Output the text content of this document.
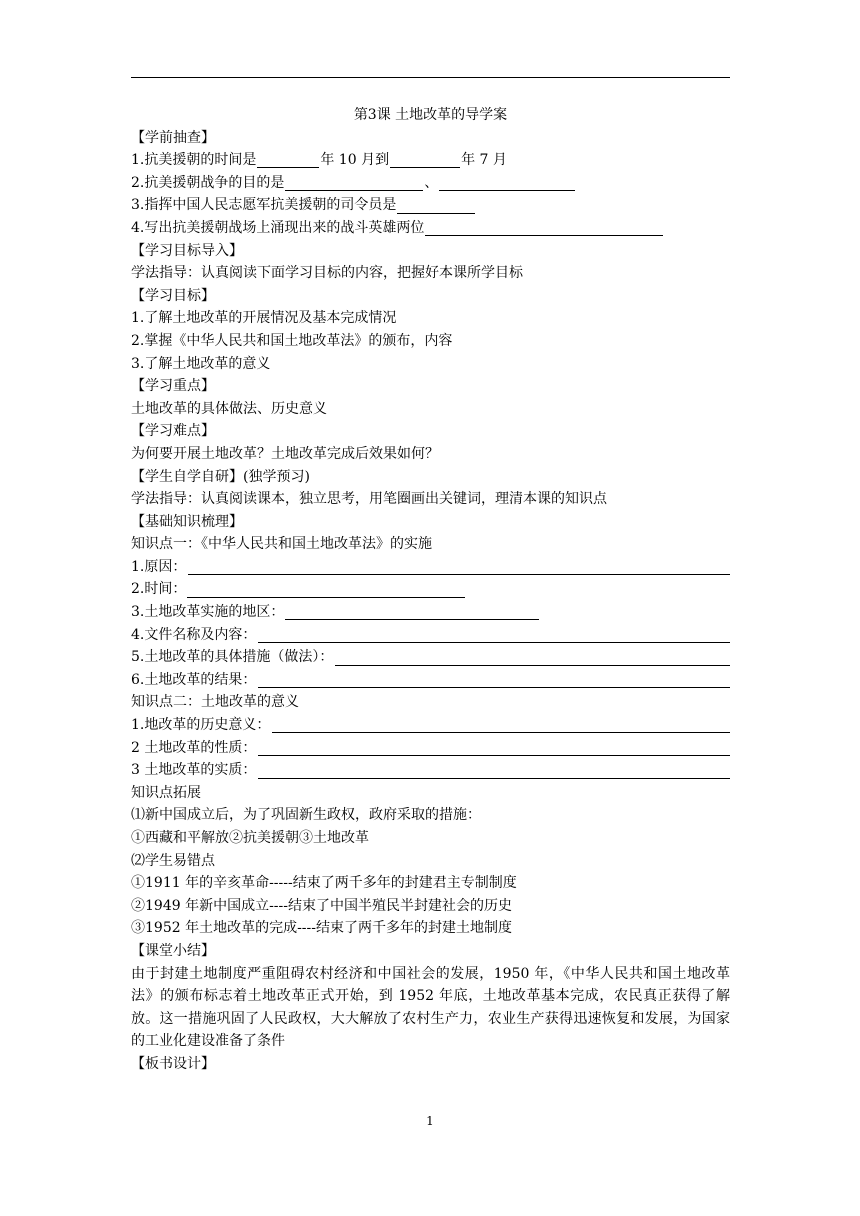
第3课 土地改革的导学案
【学前抽查】
1.抗美援朝的时间是	年 10 月到	年 7 月
2.抗美援朝战争的目的是	、
3.指挥中国人民志愿军抗美援朝的司令员是
4.写出抗美援朝战场上涌现出来的战斗英雄两位
【学习目标导入】
学法指导：认真阅读下面学习目标的内容，把握好本课所学目标
【学习目标】
1.了解土地改革的开展情况及基本完成情况
2.掌握《中华人民共和国土地改革法》的颁布，内容
3.了解土地改革的意义
【学习重点】
土地改革的具体做法、历史意义
【学习难点】
为何要开展土地改革？土地改革完成后效果如何？
【学生自学自研】(独学预习)
学法指导：认真阅读课本，独立思考，用笔圈画出关键词，理清本课的知识点
【基础知识梳理】
知识点一：《中华人民共和国土地改革法》的实施
1.原因：
2.时间：
3.土地改革实施的地区：
4.文件名称及内容：
5.土地改革的具体措施（做法）：
6.土地改革的结果：
知识点二：土地改革的意义
1.地改革的历史意义：
2 土地改革的性质：
3 土地改革的实质：
知识点拓展
⑴新中国成立后，为了巩固新生政权，政府采取的措施：
①西藏和平解放②抗美援朝③土地改革
⑵学生易错点
①1911 年的辛亥革命-----结束了两千多年的封建君主专制制度
②1949 年新中国成立----结束了中国半殖民半封建社会的历史
③1952 年土地改革的完成----结束了两千多年的封建土地制度
【课堂小结】
由于封建土地制度严重阻碍农村经济和中国社会的发展，1950 年，《中华人民共和国土地改革法》的颁布标志着土地改革正式开始，到 1952 年底，土地改革基本完成，农民真正获得了解放。这一措施巩固了人民政权，大大解放了农村生产力，农业生产获得迅速恢复和发展，为国家的工业化建设准备了条件
【板书设计】
1
